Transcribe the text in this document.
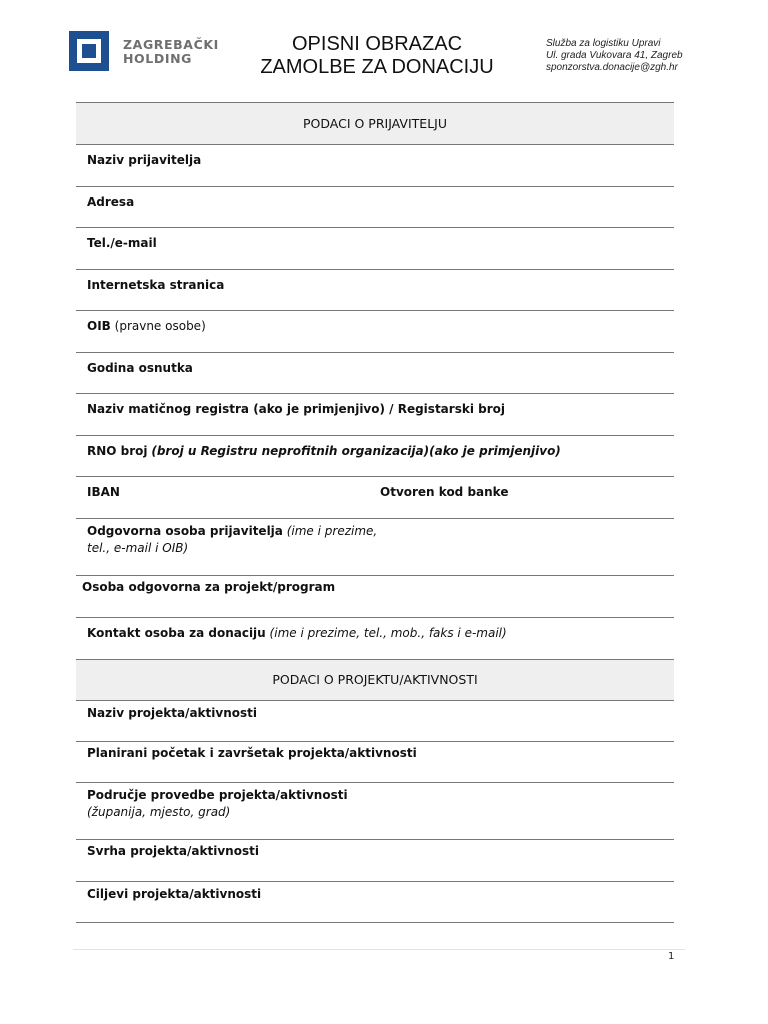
ZAGREBAČKI
HOLDING
OPISNI OBRAZAC
ZAMOLBE ZA DONACIJU
Služba za logistiku Upravi
Ul. grada Vukovara 41, Zagreb
sponzorstva.donacije@zgh.hr
PODACI O PRIJAVITELJU
Naziv prijavitelja
Adresa
Tel./e-mail
Internetska stranica
OIB (pravne osobe)
Godina osnutka
Naziv matičnog registra (ako je primjenjivo) / Registarski broj
RNO broj (broj u Registru neprofitnih organizacija)(ako je primjenjivo)
IBAN	Otvoren kod banke
Odgovorna osoba prijavitelja (ime i prezime,
tel., e-mail i OIB)
Osoba odgovorna za projekt/program
Kontakt osoba za donaciju (ime i prezime, tel., mob., faks i e-mail)
PODACI O PROJEKTU/AKTIVNOSTI
Naziv projekta/aktivnosti
Planirani početak i završetak projekta/aktivnosti
Područje provedbe projekta/aktivnosti
(županija, mjesto, grad)
Svrha projekta/aktivnosti
Ciljevi projekta/aktivnosti
1
